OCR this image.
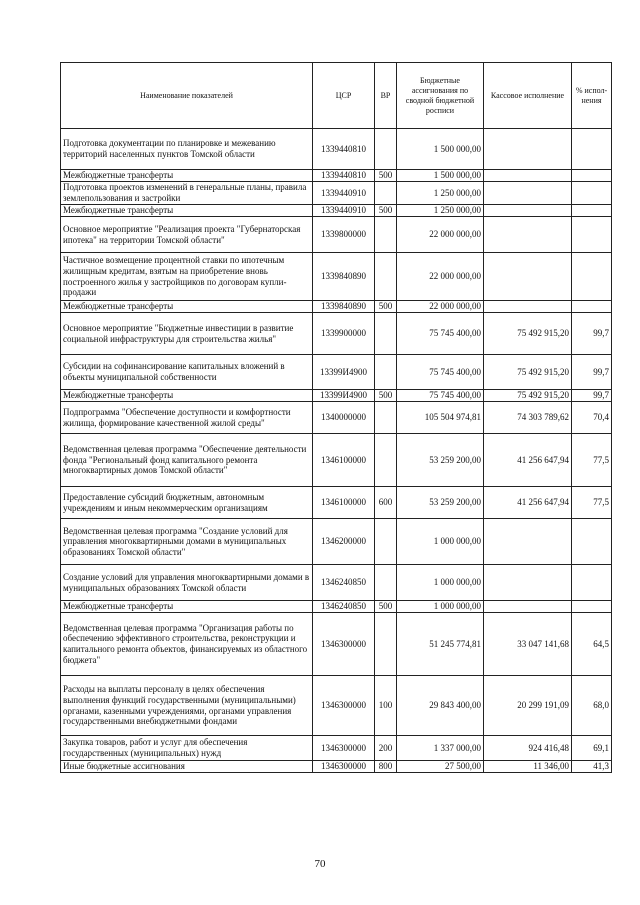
Наименование показателей	ЦСР	ВР	Бюджетные ассигнования по сводной бюджетной росписи	Кассовое исполнение	% испол-нения
Подготовка документации по планировке и межеванию территорий населенных пунктов Томской области	1339440810		1 500 000,00		
Межбюджетные трансферты	1339440810	500	1 500 000,00		
Подготовка проектов изменений в генеральные планы, правила землепользования и застройки	1339440910		1 250 000,00		
Межбюджетные трансферты	1339440910	500	1 250 000,00		
Основное мероприятие "Реализация проекта "Губернаторская ипотека" на территории Томской области"	1339800000		22 000 000,00		
Частичное возмещение процентной ставки по ипотечным жилищным кредитам, взятым на приобретение вновь построенного жилья у застройщиков по договорам купли-продажи	1339840890		22 000 000,00		
Межбюджетные трансферты	1339840890	500	22 000 000,00		
Основное мероприятие "Бюджетные инвестиции в развитие социальной инфраструктуры для строительства жилья"	1339900000		75 745 400,00	75 492 915,20	99,7
Субсидии на софинансирование капитальных вложений в объекты муниципальной собственности	13399И4900		75 745 400,00	75 492 915,20	99,7
Межбюджетные трансферты	13399И4900	500	75 745 400,00	75 492 915,20	99,7
Подпрограмма "Обеспечение доступности и комфортности жилища, формирование качественной жилой среды"	1340000000		105 504 974,81	74 303 789,62	70,4
Ведомственная целевая программа "Обеспечение деятельности фонда "Региональный фонд капитального ремонта многоквартирных домов Томской области"	1346100000		53 259 200,00	41 256 647,94	77,5
Предоставление субсидий бюджетным, автономным учреждениям и иным некоммерческим организациям	1346100000	600	53 259 200,00	41 256 647,94	77,5
Ведомственная целевая программа "Создание условий для управления многоквартирными домами в муниципальных образованиях Томской области"	1346200000		1 000 000,00		
Создание условий для управления многоквартирными домами в муниципальных образованиях Томской области	1346240850		1 000 000,00		
Межбюджетные трансферты	1346240850	500	1 000 000,00		
Ведомственная целевая программа "Организация работы по обеспечению эффективного строительства, реконструкции и капитального ремонта объектов, финансируемых из областного бюджета"	1346300000		51 245 774,81	33 047 141,68	64,5
Расходы на выплаты персоналу в целях обеспечения выполнения функций государственными (муниципальными) органами, казенными учреждениями, органами управления государственными внебюджетными фондами	1346300000	100	29 843 400,00	20 299 191,09	68,0
Закупка товаров, работ и услуг для обеспечения государственных (муниципальных) нужд	1346300000	200	1 337 000,00	924 416,48	69,1
Иные бюджетные ассигнования	1346300000	800	27 500,00	11 346,00	41,3
70
